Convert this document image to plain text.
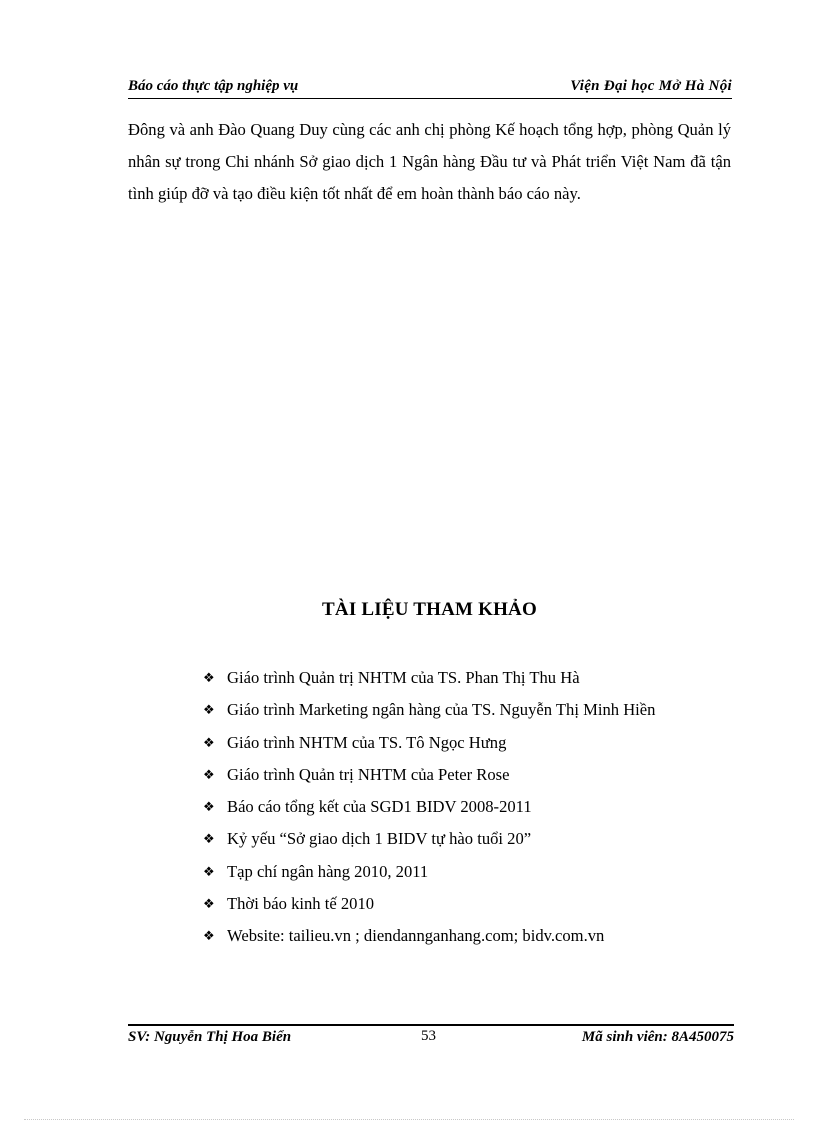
Báo cáo thực tập nghiệp vụ	Viện Đại học Mở Hà Nội
Đông và anh Đào Quang Duy cùng các anh chị phòng Kế hoạch tổng hợp, phòng Quản lý nhân sự trong Chi nhánh Sở giao dịch 1 Ngân hàng Đầu tư và Phát triển Việt Nam đã tận tình giúp đỡ và tạo điều kiện tốt nhất để em hoàn thành báo cáo này.
TÀI LIỆU THAM KHẢO
❖ Giáo trình Quản trị NHTM của TS. Phan Thị Thu Hà
❖ Giáo trình Marketing ngân hàng của TS. Nguyễn Thị Minh Hiền
❖ Giáo trình NHTM của TS. Tô Ngọc Hưng
❖ Giáo trình Quản trị NHTM của Peter Rose
❖ Báo cáo tổng kết của SGD1 BIDV 2008-2011
❖ Kỷ yếu “Sở giao dịch 1 BIDV tự hào tuổi 20”
❖ Tạp chí ngân hàng 2010, 2011
❖ Thời báo kinh tế 2010
❖ Website: tailieu.vn ; diendannganhang.com; bidv.com.vn
SV: Nguyễn Thị Hoa Biển	53	Mã sinh viên: 8A450075
